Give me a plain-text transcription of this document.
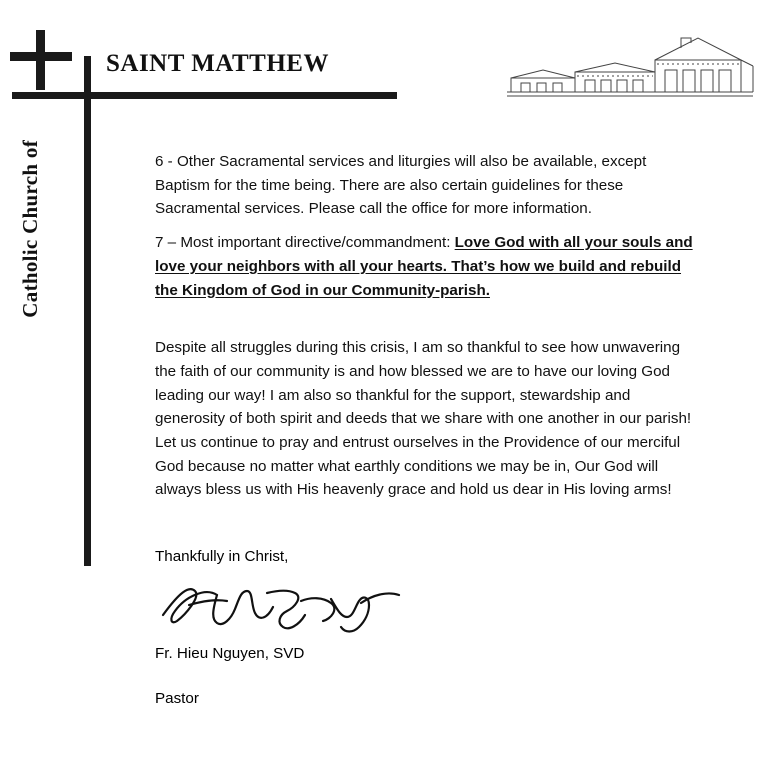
SAINT MATTHEW
Catholic Church of	6 - Other Sacramental services and liturgies will also be available, except Baptism for the time being. There are also certain guidelines for these Sacramental services. Please call the office for more information.

7 – Most important directive/commandment: Love God with all your souls and love your neighbors with all your hearts. That’s how we build and rebuild the Kingdom of God in our Community-parish.

Despite all struggles during this crisis, I am so thankful to see how unwavering the faith of our community is and how blessed we are to have our loving God leading our way! I am also so thankful for the support, stewardship and generosity of both spirit and deeds that we share with one another in our parish! Let us continue to pray and entrust ourselves in the Providence of our merciful God because no matter what earthly conditions we may be in, Our God will always bless us with His heavenly grace and hold us dear in His loving arms!

Thankfully in Christ,
Fr. Hieu Nguyen, SVD
Pastor
